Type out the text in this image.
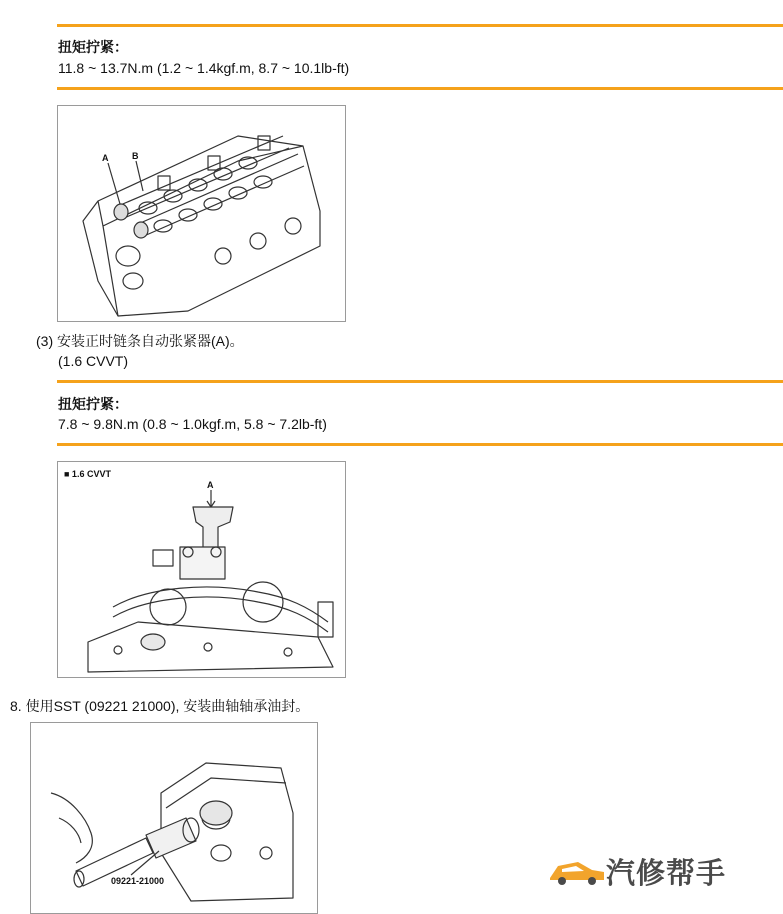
扭矩拧紧：
11.8 ~ 13.7N.m (1.2 ~ 1.4kgf.m, 8.7 ~ 10.1lb-ft)
A	B
(3) 安装正时链条自动张紧器(A)。
(1.6 CVVT)
扭矩拧紧：
7.8 ~ 9.8N.m (0.8 ~ 1.0kgf.m, 5.8 ~ 7.2lb-ft)
■ 1.6 CVVT
A
8. 使用SST (09221 21000), 安装曲轴轴承油封。
09221-21000	汽修帮手
